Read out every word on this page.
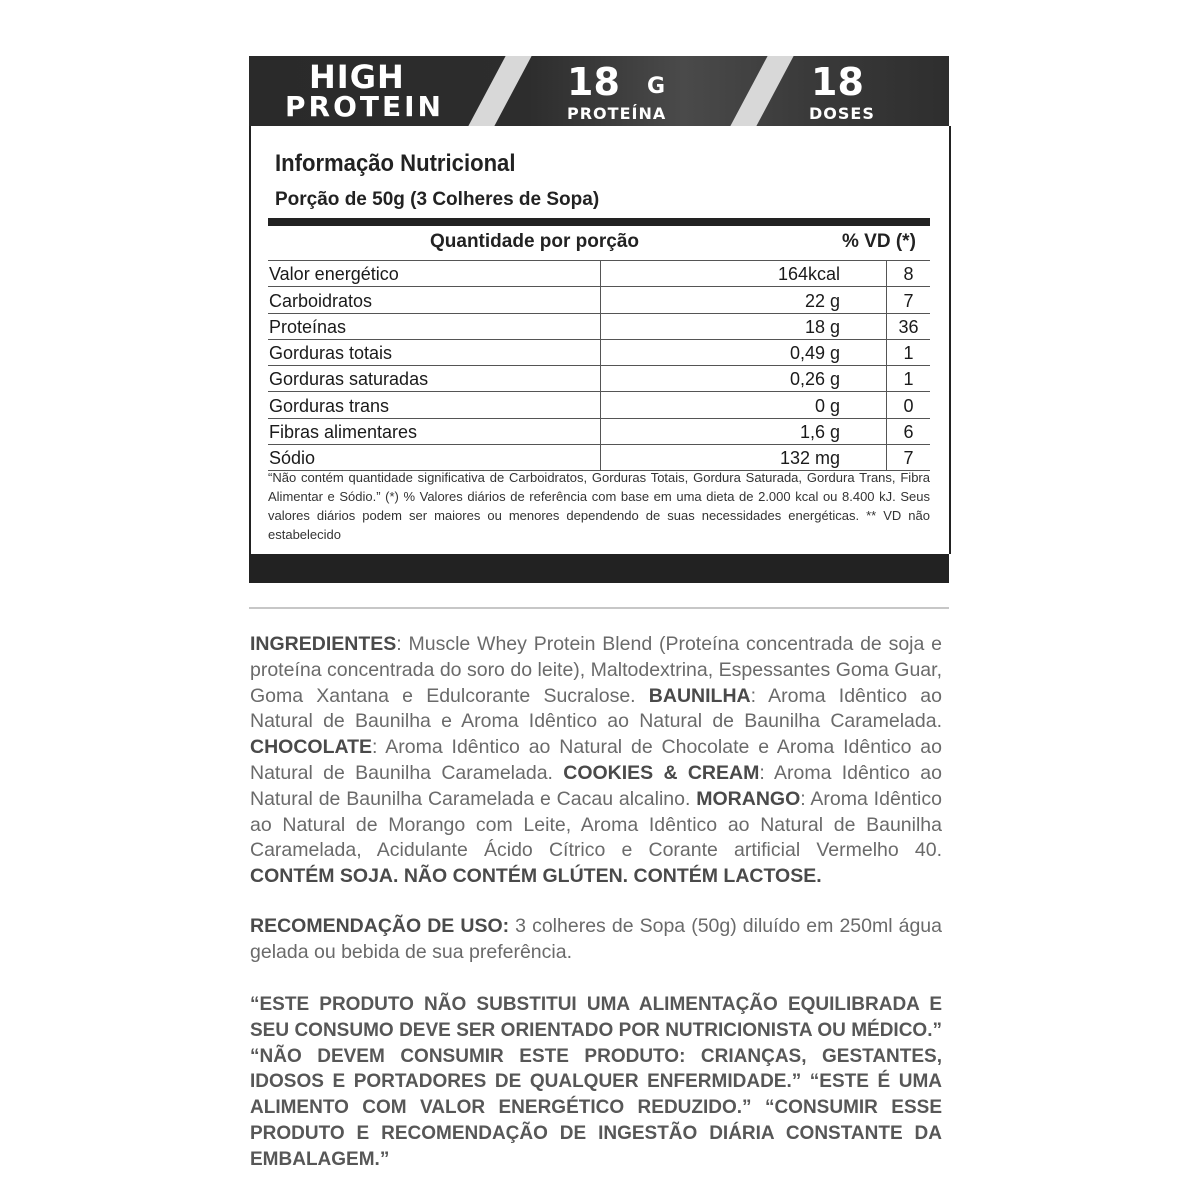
HIGH
PROTEIN
18 G
PROTEÍNA
18
DOSES
Informação Nutricional
Porção de 50g (3 Colheres de Sopa)
Quantidade por porção	% VD (*)
Valor energético	164kcal	8
Carboidratos	22 g	7
Proteínas	18 g	36
Gorduras totais	0,49 g	1
Gorduras saturadas	0,26 g	1
Gorduras trans	0 g	0
Fibras alimentares	1,6 g	6
Sódio	132 mg	7
“Não contém quantidade significativa de Carboidratos, Gorduras Totais, Gordura Saturada, Gordura Trans, Fibra Alimentar e Sódio.” (*) % Valores diários de referência com base em uma dieta de 2.000 kcal ou 8.400 kJ. Seus valores diários podem ser maiores ou menores dependendo de suas necessidades energéticas. ** VD não estabelecido
INGREDIENTES: Muscle Whey Protein Blend (Proteína concentrada de soja e proteína concentrada do soro do leite), Maltodextrina, Espessantes Goma Guar, Goma Xantana e Edulcorante Sucralose. BAUNILHA: Aroma Idêntico ao Natural de Baunilha e Aroma Idêntico ao Natural de Baunilha Caramelada. CHOCOLATE: Aroma Idêntico ao Natural de Chocolate e Aroma Idêntico ao Natural de Baunilha Caramelada. COOKIES & CREAM: Aroma Idêntico ao Natural de Baunilha Caramelada e Cacau alcalino. MORANGO: Aroma Idêntico ao Natural de Morango com Leite, Aroma Idêntico ao Natural de Baunilha Caramelada, Acidulante Ácido Cítrico e Corante artificial Vermelho 40. CONTÉM SOJA. NÃO CONTÉM GLÚTEN. CONTÉM LACTOSE.
RECOMENDAÇÃO DE USO: 3 colheres de Sopa (50g) diluído em 250ml água gelada ou bebida de sua preferência.
“ESTE PRODUTO NÃO SUBSTITUI UMA ALIMENTAÇÃO EQUILIBRADA E SEU CONSUMO DEVE SER ORIENTADO POR NUTRICIONISTA OU MÉDICO.” “NÃO DEVEM CONSUMIR ESTE PRODUTO: CRIANÇAS, GESTANTES, IDOSOS E PORTADORES DE QUALQUER ENFERMIDADE.” “ESTE É UMA ALIMENTO COM VALOR ENERGÉTICO REDUZIDO.” “CONSUMIR ESSE PRODUTO E RECOMENDAÇÃO DE INGESTÃO DIÁRIA CONSTANTE DA EMBALAGEM.”
